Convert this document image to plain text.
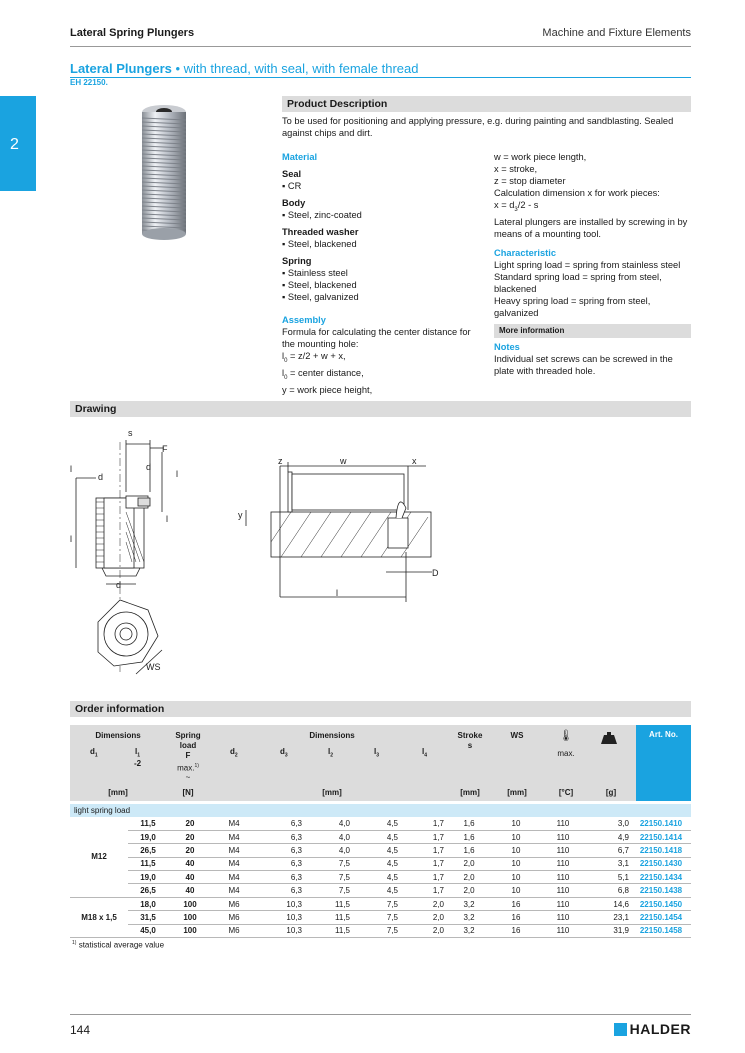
Lateral Spring Plungers	Machine and Fixture Elements
2
Lateral Plungers • with thread, with seal, with female thread
EH 22150.
Product Description
To be used for positioning and applying pressure, e.g. during painting and sandblasting. Sealed against chips and dirt.
Material
Seal
▪ CR
Body
▪ Steel, zinc-coated
Threaded washer
▪ Steel, blackened
Spring
▪ Stainless steel
▪ Steel, blackened
▪ Steel, galvanized
Assembly
Formula for calculating the center distance for the mounting hole:
$l_0 = z/2 + w + x$,
$l_0$ = center distance,
y = work piece height,
w = work piece length,
x = stroke,
z = stop diameter
Calculation dimension x for work pieces:
$x = d_3/2 - s$
Lateral plungers are installed by screwing in by means of a mounting tool.
Characteristic
Light spring load = spring from stainless steel
Standard spring load = spring from steel, blackened
Heavy spring load = spring from steel, galvanized
More information
Notes
Individual set screws can be screwed in the plate with threaded hole.
Drawing
s
F
d
d
d
l	l
l
l
WS
z	w	x
y
D
l
Order information
Dimensions
$d_1$	$l_1$
-2
Spring load
F
max.$^{1)}$
~
Dimensions
$d_2$	$d_3$	$l_2$	$l_3$	$l_4$
Stroke
s
WS	🌡
max.
Art. No.
[mm]	[N]	[mm]	[mm]	[mm]	[°C]	[g]
light spring load
M12	11,5	20	M4	6,3	4,0	4,5	1,7	1,6	10	110	3,0	22150.1410
	19,0	20	M4	6,3	4,0	4,5	1,7	1,6	10	110	4,9	22150.1414
	26,5	20	M4	6,3	4,0	4,5	1,7	1,6	10	110	6,7	22150.1418
	11,5	40	M4	6,3	7,5	4,5	1,7	2,0	10	110	3,1	22150.1430
	19,0	40	M4	6,3	7,5	4,5	1,7	2,0	10	110	5,1	22150.1434
	26,5	40	M4	6,3	7,5	4,5	1,7	2,0	10	110	6,8	22150.1438
M18 x 1,5	18,0	100	M6	10,3	11,5	7,5	2,0	3,2	16	110	14,6	22150.1450
	31,5	100	M6	10,3	11,5	7,5	2,0	3,2	16	110	23,1	22150.1454
	45,0	100	M6	10,3	11,5	7,5	2,0	3,2	16	110	31,9	22150.1458
$^{1)}$ statistical average value
144	HALDER
